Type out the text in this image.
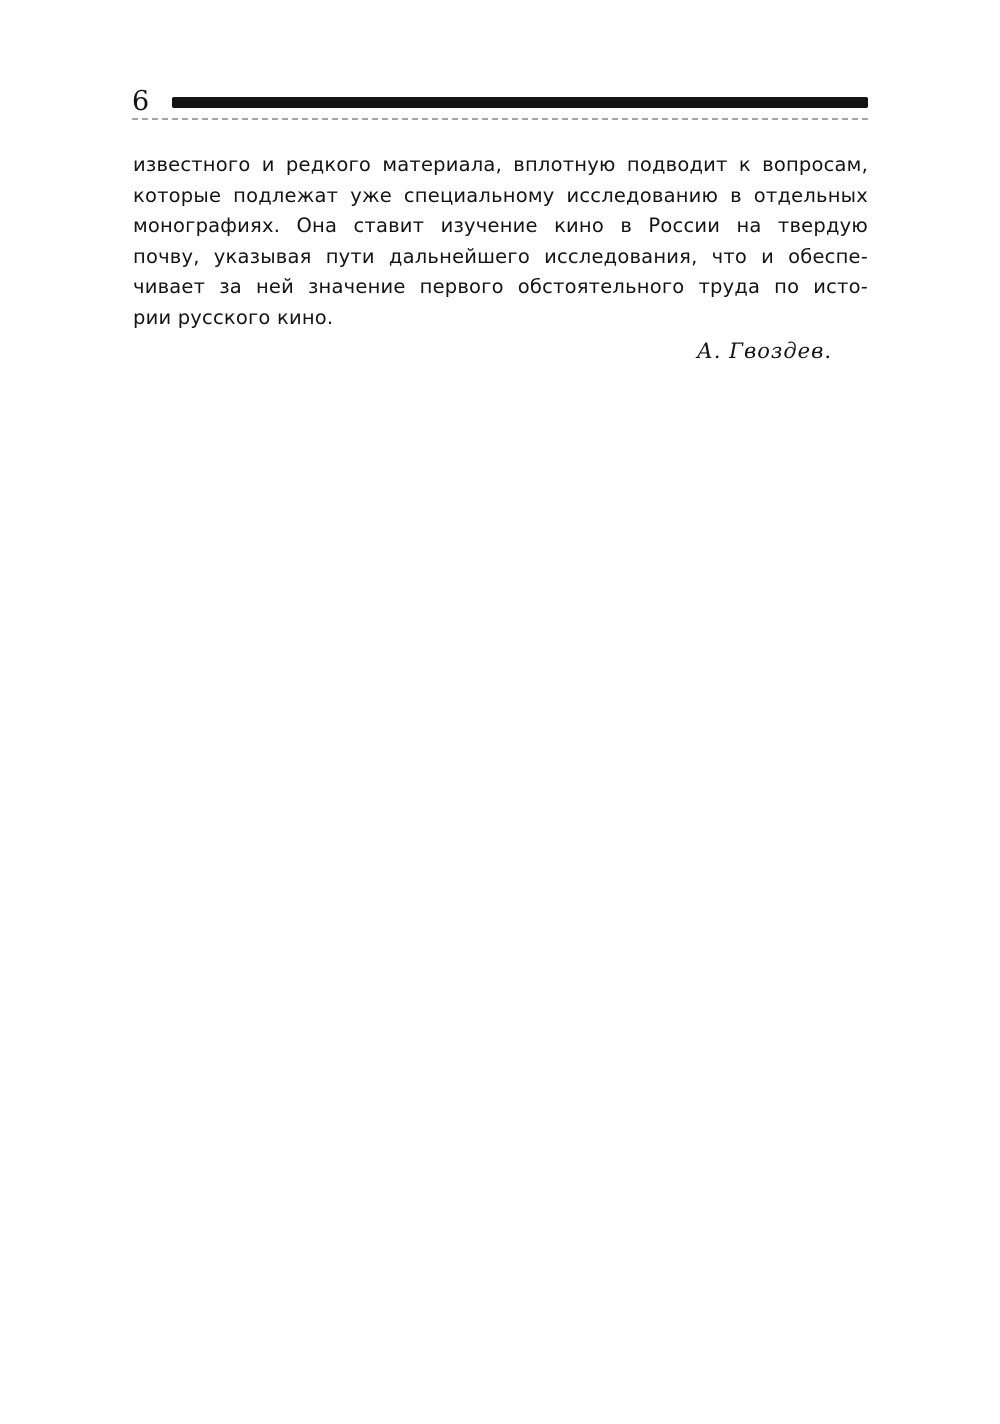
6
известного и редкого материала, вплотную подводит к вопросам,
которые подлежат уже специальному исследованию в отдельных
монографиях. Она ставит изучение кино в России на твердую
почву, указывая пути дальнейшего исследования, что и обеспе-
чивает за ней значение первого обстоятельного труда по исто-
рии русского кино.
А. Гвоздев.
